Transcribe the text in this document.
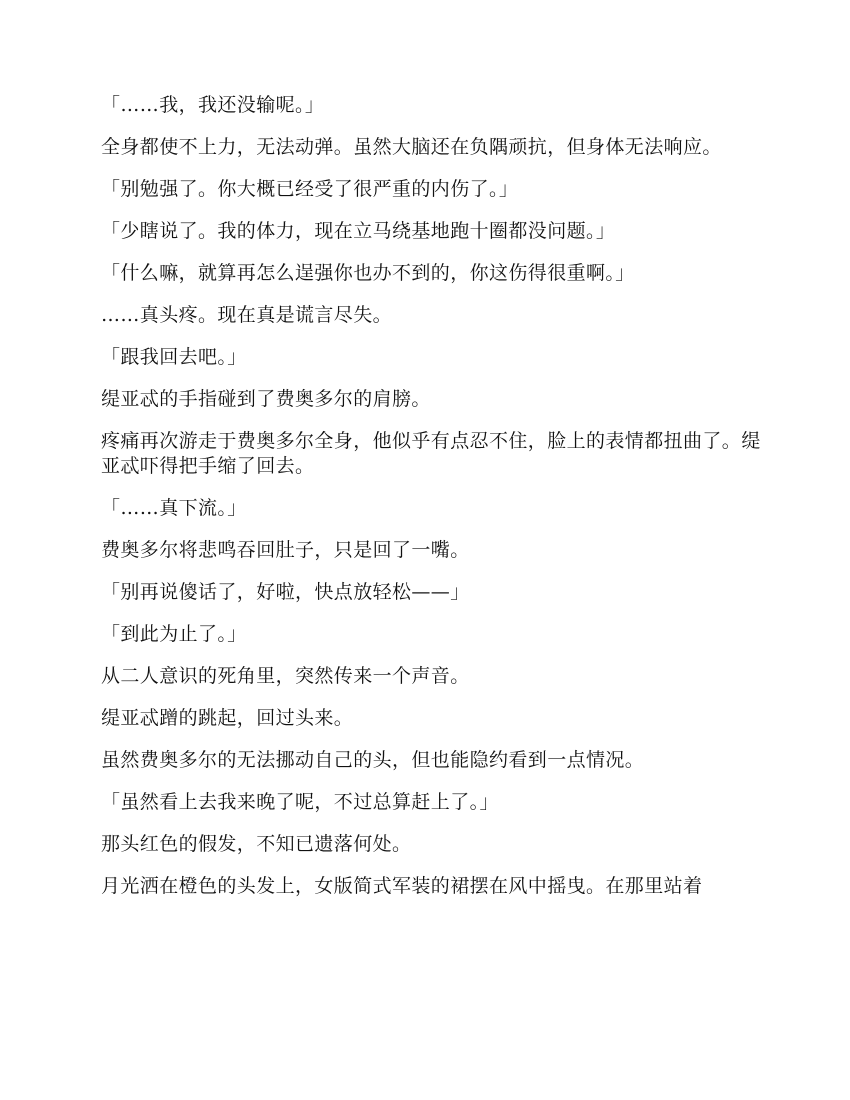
「……我，我还没输呢。」

全身都使不上力，无法动弹。虽然大脑还在负隅顽抗，但身体无法响应。

「别勉强了。你大概已经受了很严重的内伤了。」

「少瞎说了。我的体力，现在立马绕基地跑十圈都没问题。」

「什么嘛，就算再怎么逞强你也办不到的，你这伤得很重啊。」

……真头疼。现在真是谎言尽失。

「跟我回去吧。」

缇亚忒的手指碰到了费奥多尔的肩膀。

疼痛再次游走于费奥多尔全身，他似乎有点忍不住，脸上的表情都扭曲了。缇亚忒吓得把手缩了回去。

「……真下流。」

费奥多尔将悲鸣吞回肚子，只是回了一嘴。

「别再说傻话了，好啦，快点放轻松——」

「到此为止了。」

从二人意识的死角里，突然传来一个声音。

缇亚忒蹭的跳起，回过头来。

虽然费奥多尔的无法挪动自己的头，但也能隐约看到一点情况。

「虽然看上去我来晚了呢，不过总算赶上了。」

那头红色的假发，不知已遗落何处。

月光洒在橙色的头发上，女版简式军装的裙摆在风中摇曳。在那里站着
